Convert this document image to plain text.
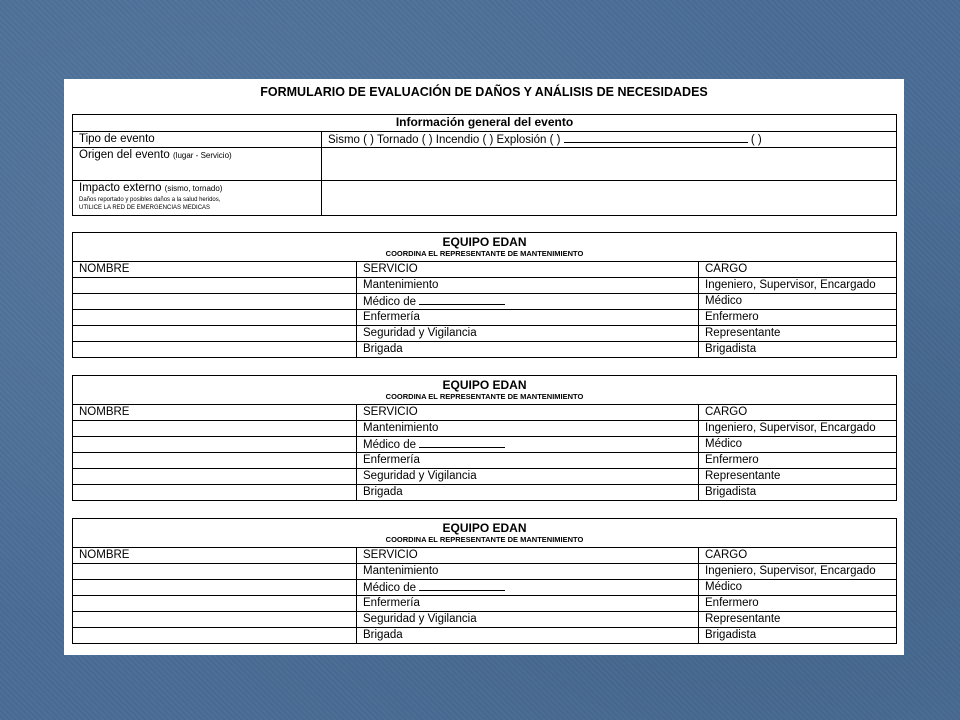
FORMULARIO DE EVALUACIÓN DE DAÑOS Y ANÁLISIS DE NECESIDADES
Información general del evento	
Tipo de evento	Sismo ( ) Tornado ( ) Incendio ( ) Explosión ( ) ( )
Origen del evento (lugar - Servicio)	
Impacto externo (sismo, tornado)
Daños reportado y posibles daños a la salud heridos,
UTILICE LA RED DE EMERGENCIAS MEDICAS	

EQUIPO EDAN
COORDINA EL REPRESENTANTE DE MANTENIMIENTO		

NOMBRE	SERVICIO	CARGO
	Mantenimiento	Ingeniero, Supervisor, Encargado
	Médico de	Médico
	Enfermería	Enfermero
	Seguridad y Vigilancia	Representante
	Brigada	Brigadista
EQUIPO EDAN
COORDINA EL REPRESENTANTE DE MANTENIMIENTO		

NOMBRE	SERVICIO	CARGO
	Mantenimiento	Ingeniero, Supervisor, Encargado
	Médico de	Médico
	Enfermería	Enfermero
	Seguridad y Vigilancia	Representante
	Brigada	Brigadista
EQUIPO EDAN
COORDINA EL REPRESENTANTE DE MANTENIMIENTO		

NOMBRE	SERVICIO	CARGO
	Mantenimiento	Ingeniero, Supervisor, Encargado
	Médico de	Médico
	Enfermería	Enfermero
	Seguridad y Vigilancia	Representante
	Brigada	Brigadista
